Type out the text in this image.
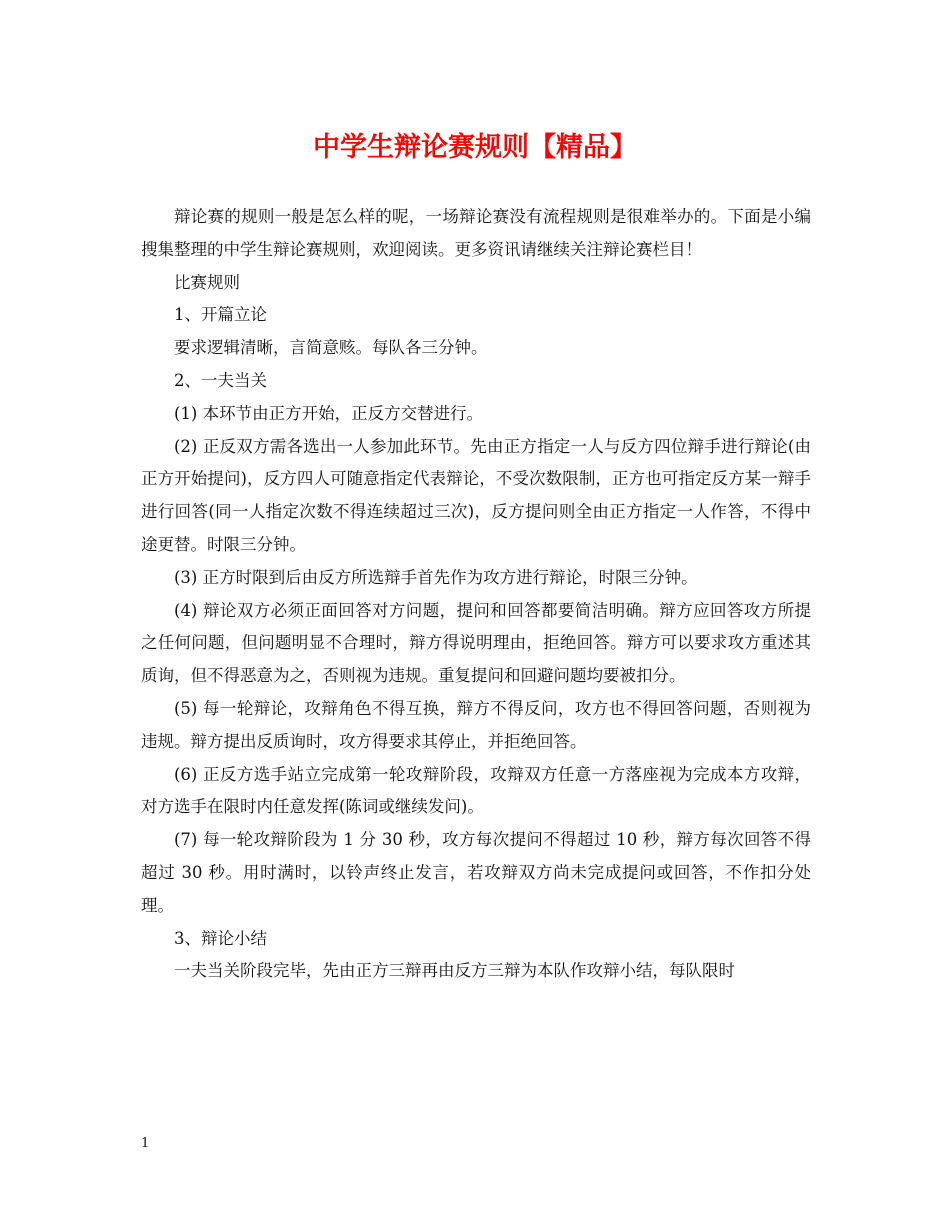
中学生辩论赛规则【精品】

辩论赛的规则一般是怎么样的呢，一场辩论赛没有流程规则是很难举办的。下面是小编搜集整理的中学生辩论赛规则，欢迎阅读。更多资讯请继续关注辩论赛栏目！

比赛规则

1、开篇立论

要求逻辑清晰，言简意赅。每队各三分钟。

2、一夫当关

(1) 本环节由正方开始，正反方交替进行。

(2) 正反双方需各选出一人参加此环节。先由正方指定一人与反方四位辩手进行辩论(由正方开始提问)，反方四人可随意指定代表辩论，不受次数限制，正方也可指定反方某一辩手进行回答(同一人指定次数不得连续超过三次)，反方提问则全由正方指定一人作答，不得中途更替。时限三分钟。

(3) 正方时限到后由反方所选辩手首先作为攻方进行辩论，时限三分钟。

(4) 辩论双方必须正面回答对方问题，提问和回答都要简洁明确。辩方应回答攻方所提之任何问题，但问题明显不合理时，辩方得说明理由，拒绝回答。辩方可以要求攻方重述其质询，但不得恶意为之，否则视为违规。重复提问和回避问题均要被扣分。

(5) 每一轮辩论，攻辩角色不得互换，辩方不得反问，攻方也不得回答问题，否则视为违规。辩方提出反质询时，攻方得要求其停止，并拒绝回答。

(6) 正反方选手站立完成第一轮攻辩阶段，攻辩双方任意一方落座视为完成本方攻辩，对方选手在限时内任意发挥(陈词或继续发问)。

(7) 每一轮攻辩阶段为 1 分 30 秒，攻方每次提问不得超过 10 秒，辩方每次回答不得超过 30 秒。用时满时，以铃声终止发言，若攻辩双方尚未完成提问或回答，不作扣分处理。

3、辩论小结

一夫当关阶段完毕，先由正方三辩再由反方三辩为本队作攻辩小结，每队限时

1
